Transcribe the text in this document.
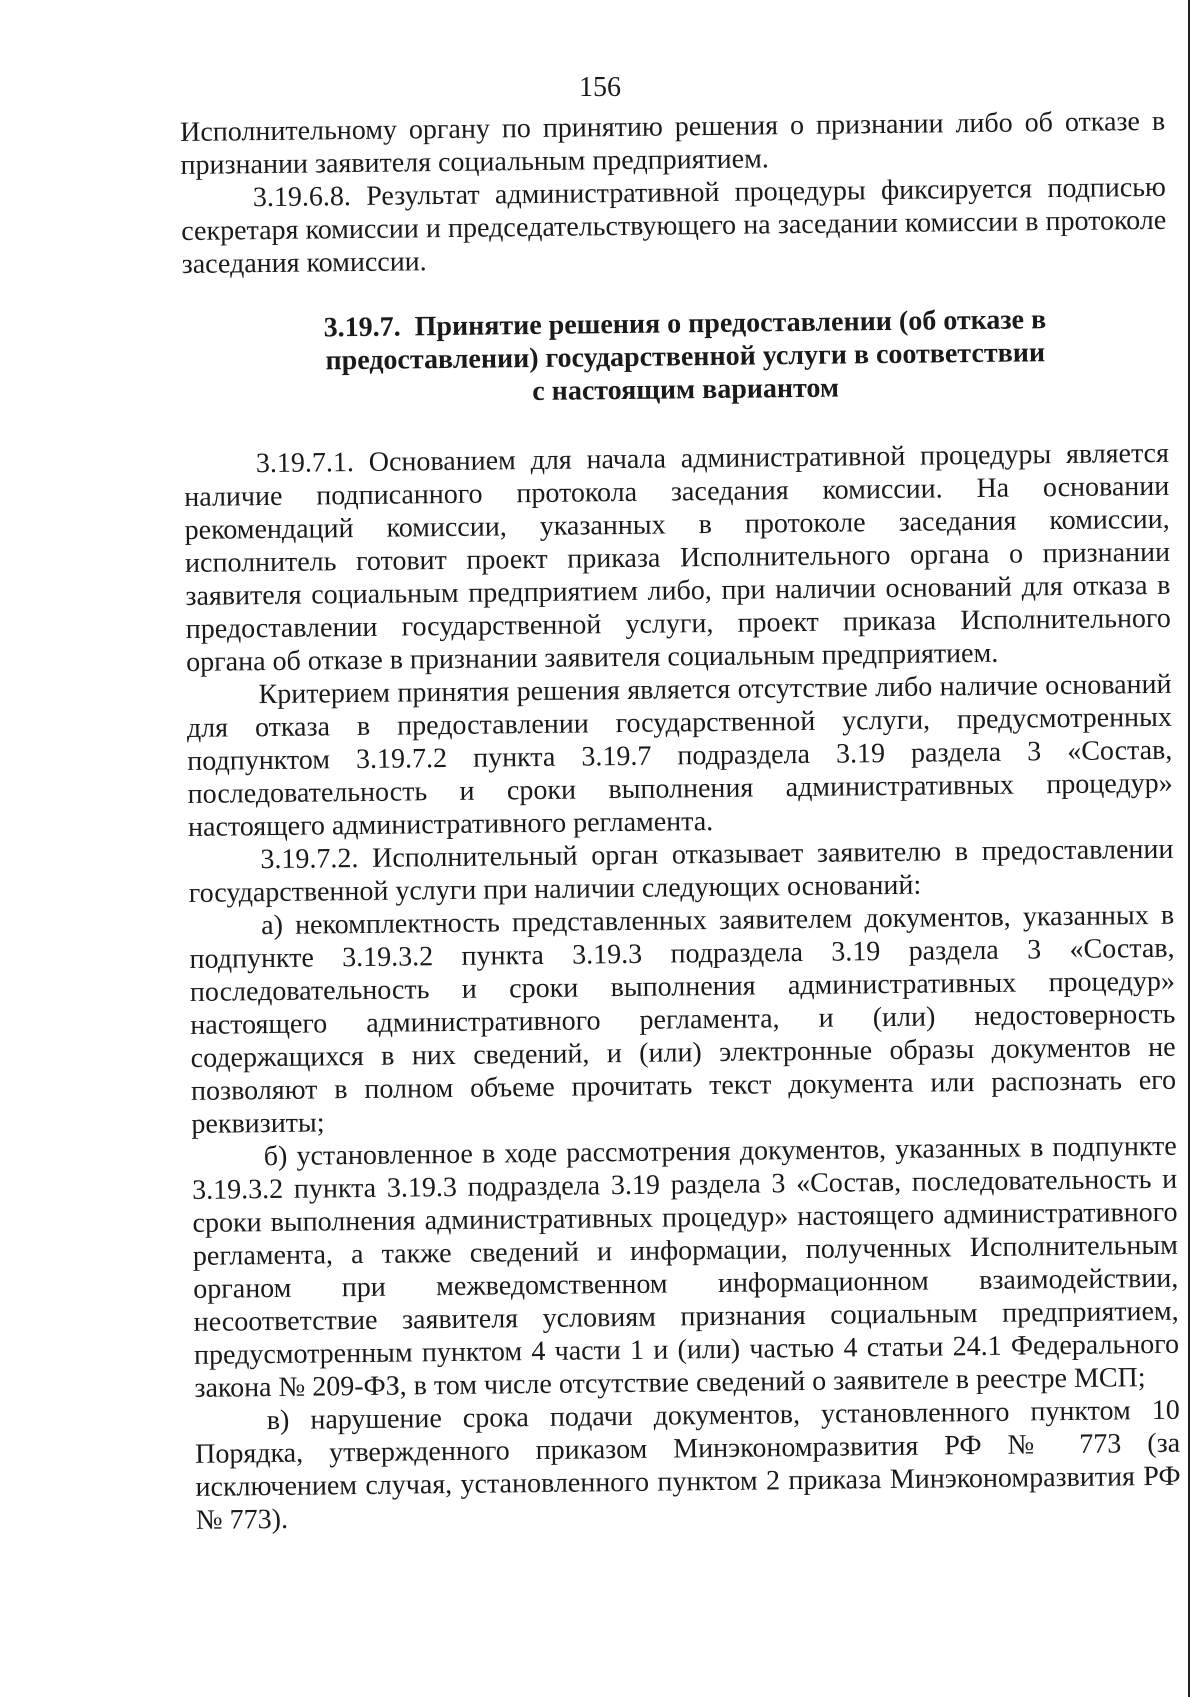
156

Исполнительному органу по принятию решения о признании либо об отказе в признании заявителя социальным предприятием.

3.19.6.8. Результат административной процедуры фиксируется подписью секретаря комиссии и председательствующего на заседании комиссии в протоколе заседания комиссии.

3.19.7.  Принятие решения о предоставлении (об отказе в
предоставлении) государственной услуги в соответствии
с настоящим вариантом

3.19.7.1. Основанием для начала административной процедуры является наличие подписанного протокола заседания комиссии. На основании рекомендаций комиссии, указанных в протоколе заседания комиссии, исполнитель готовит проект приказа Исполнительного органа о признании заявителя социальным предприятием либо, при наличии оснований для отказа в предоставлении государственной услуги, проект приказа Исполнительного органа об отказе в признании заявителя социальным предприятием.

Критерием принятия решения является отсутствие либо наличие оснований для отказа в предоставлении государственной услуги, предусмотренных подпунктом 3.19.7.2 пункта 3.19.7 подраздела 3.19 раздела 3 «Состав, последовательность и сроки выполнения административных процедур» настоящего административного регламента.

3.19.7.2. Исполнительный орган отказывает заявителю в предоставлении государственной услуги при наличии следующих оснований:

а) некомплектность представленных заявителем документов, указанных в подпункте 3.19.3.2 пункта 3.19.3 подраздела 3.19 раздела 3 «Состав, последовательность и сроки выполнения административных процедур» настоящего административного регламента, и (или) недостоверность содержащихся в них сведений, и (или) электронные образы документов не позволяют в полном объеме прочитать текст документа или распознать его реквизиты;

б) установленное в ходе рассмотрения документов, указанных в подпункте 3.19.3.2 пункта 3.19.3 подраздела 3.19 раздела 3 «Состав, последовательность и сроки выполнения административных процедур» настоящего административного регламента, а также сведений и информации, полученных Исполнительным органом при межведомственном информационном взаимодействии, несоответствие заявителя условиям признания социальным предприятием, предусмотренным пунктом 4 части 1 и (или) частью 4 статьи 24.1 Федерального закона № 209-ФЗ, в том числе отсутствие сведений о заявителе в реестре МСП;

в) нарушение срока подачи документов, установленного пунктом 10 Порядка, утвержденного приказом Минэкономразвития РФ № 773 (за исключением случая, установленного пунктом 2 приказа Минэкономразвития РФ № 773).
